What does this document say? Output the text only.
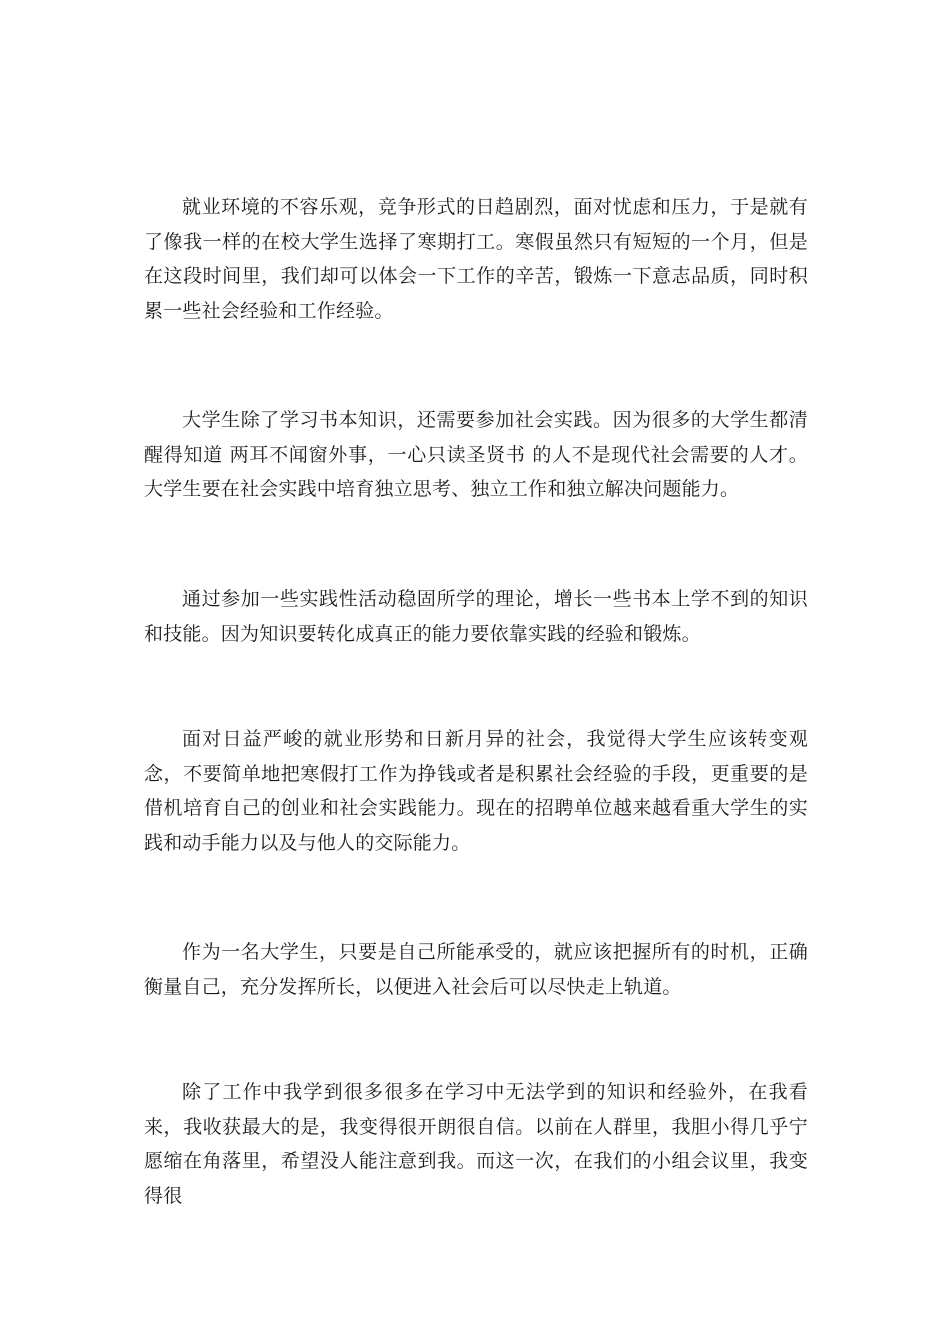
就业环境的不容乐观，竞争形式的日趋剧烈，面对忧虑和压力，于是就有了像我一样的在校大学生选择了寒期打工。寒假虽然只有短短的一个月，但是在这段时间里，我们却可以体会一下工作的辛苦，锻炼一下意志品质，同时积累一些社会经验和工作经验。

大学生除了学习书本知识，还需要参加社会实践。因为很多的大学生都清醒得知道 两耳不闻窗外事，一心只读圣贤书 的人不是现代社会需要的人才。大学生要在社会实践中培育独立思考、独立工作和独立解决问题能力。

通过参加一些实践性活动稳固所学的理论，增长一些书本上学不到的知识和技能。因为知识要转化成真正的能力要依靠实践的经验和锻炼。

面对日益严峻的就业形势和日新月异的社会，我觉得大学生应该转变观念，不要简单地把寒假打工作为挣钱或者是积累社会经验的手段，更重要的是借机培育自己的创业和社会实践能力。现在的招聘单位越来越看重大学生的实践和动手能力以及与他人的交际能力。

作为一名大学生，只要是自己所能承受的，就应该把握所有的时机，正确衡量自己，充分发挥所长，以便进入社会后可以尽快走上轨道。

除了工作中我学到很多很多在学习中无法学到的知识和经验外，在我看来，我收获最大的是，我变得很开朗很自信。以前在人群里，我胆小得几乎宁愿缩在角落里，希望没人能注意到我。而这一次，在我们的小组会议里，我变得很
